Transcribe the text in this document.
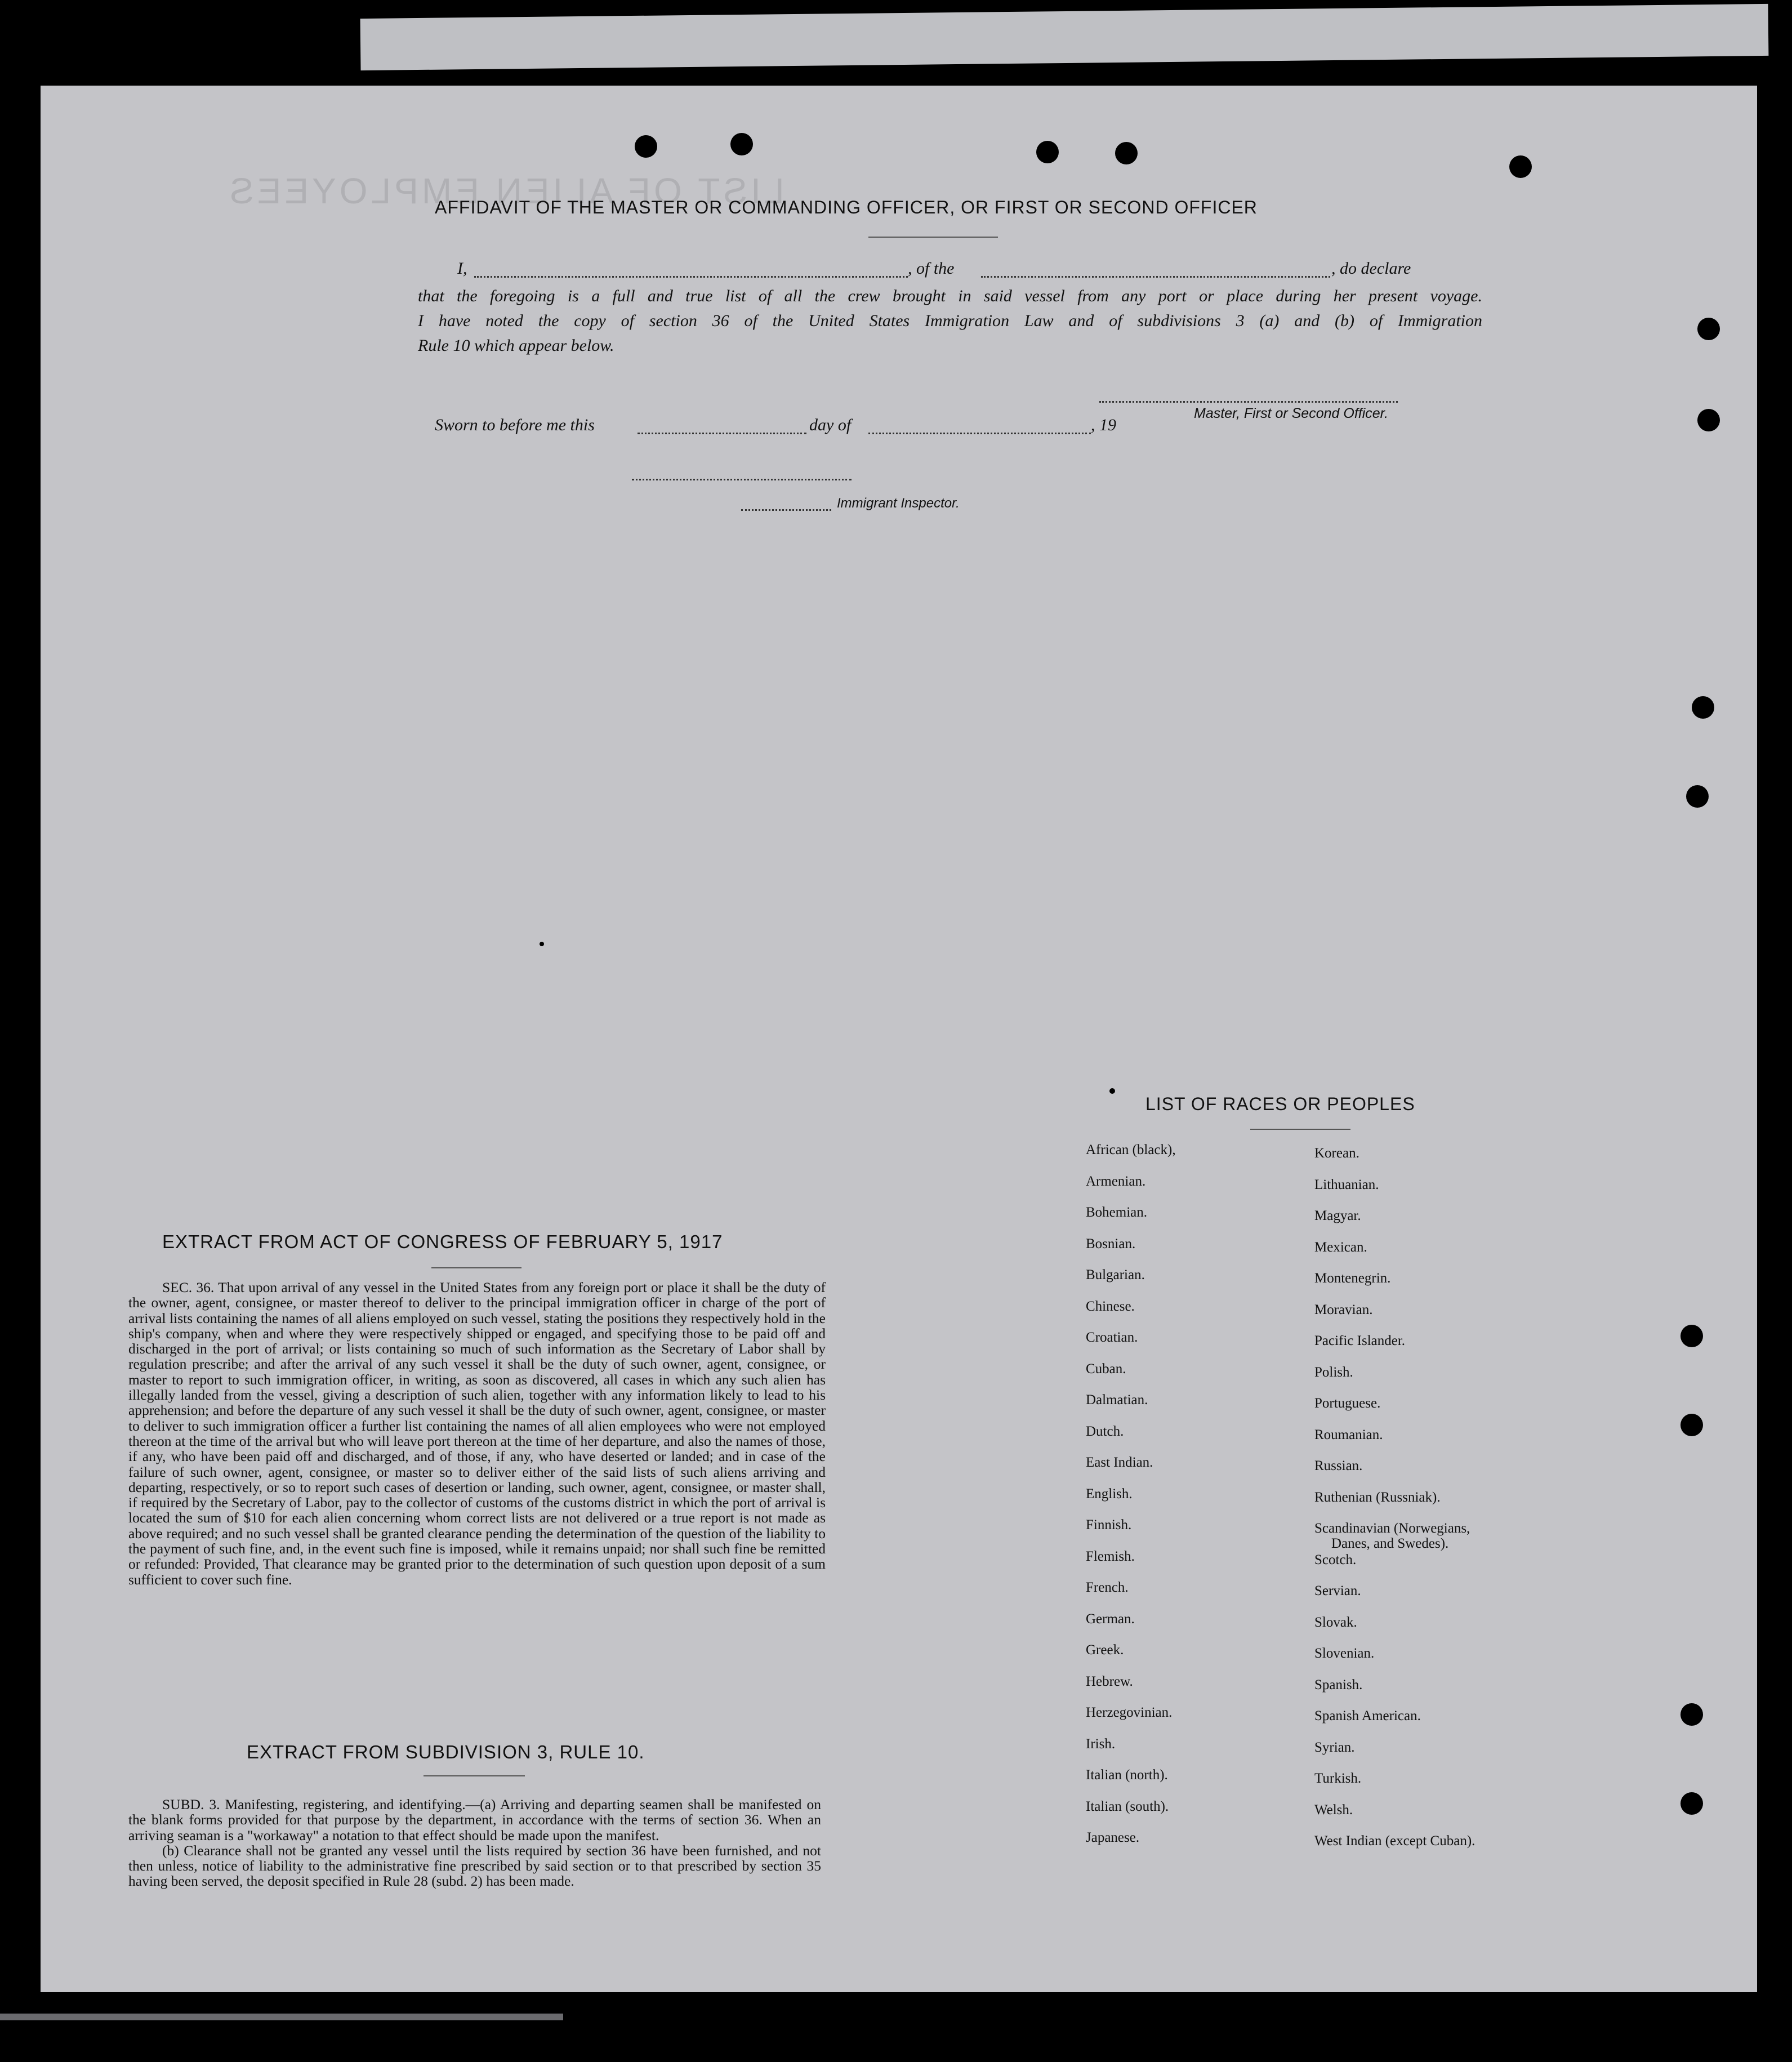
LIST OF ALIEN EMPLOYEES
AFFIDAVIT OF THE MASTER OR COMMANDING OFFICER, OR FIRST OR SECOND OFFICER
I,	, of the	, do declare
that the foregoing is a full and true list of all the crew brought in said vessel from any port or place during her present voyage.
I have noted the copy of section 36 of the United States Immigration Law and of subdivisions 3 (a) and (b) of Immigration
Rule 10 which appear below.
Master, First or Second Officer.
Sworn to before me this	day of	, 19
Immigrant Inspector.
LIST OF RACES OR PEOPLES
African (black),
Armenian.
Bohemian.
Bosnian.
Bulgarian.
Chinese.
Croatian.
Cuban.
Dalmatian.
Dutch.
East Indian.
English.
Finnish.
Flemish.
French.
German.
Greek.
Hebrew.
Herzegovinian.
Irish.
Italian (north).
Italian (south).
Japanese.
Korean.
Lithuanian.
Magyar.
Mexican.
Montenegrin.
Moravian.
Pacific Islander.
Polish.
Portuguese.
Roumanian.
Russian.
Ruthenian (Russniak).
Scandinavian (Norwegians,
Danes, and Swedes).
Scotch.
Servian.
Slovak.
Slovenian.
Spanish.
Spanish American.
Syrian.
Turkish.
Welsh.
West Indian (except Cuban).
EXTRACT FROM ACT OF CONGRESS OF FEBRUARY 5, 1917

SEC. 36. That upon arrival of any vessel in the United States from any foreign port or place it shall be the duty of the owner, agent, consignee, or master thereof to deliver to the principal immigration officer in charge of the port of arrival lists containing the names of all aliens employed on such vessel, stating the positions they respectively hold in the ship's company, when and where they were respectively shipped or engaged, and specifying those to be paid off and discharged in the port of arrival; or lists containing so much of such information as the Secretary of Labor shall by regulation prescribe; and after the arrival of any such vessel it shall be the duty of such owner, agent, consignee, or master to report to such immigration officer, in writing, as soon as discovered, all cases in which any such alien has illegally landed from the vessel, giving a description of such alien, together with any information likely to lead to his apprehension; and before the departure of any such vessel it shall be the duty of such owner, agent, consignee, or master to deliver to such immigration officer a further list containing the names of all alien employees who were not employed thereon at the time of the arrival but who will leave port thereon at the time of her departure, and also the names of those, if any, who have been paid off and discharged, and of those, if any, who have deserted or landed; and in case of the failure of such owner, agent, consignee, or master so to deliver either of the said lists of such aliens arriving and departing, respectively, or so to report such cases of desertion or landing, such owner, agent, consignee, or master shall, if required by the Secretary of Labor, pay to the collector of customs of the customs district in which the port of arrival is located the sum of $10 for each alien concerning whom correct lists are not delivered or a true report is not made as above required; and no such vessel shall be granted clearance pending the determination of the question of the liability to the payment of such fine, and, in the event such fine is imposed, while it remains unpaid; nor shall such fine be remitted or refunded: Provided, That clearance may be granted prior to the determination of such question upon deposit of a sum sufficient to cover such fine.

EXTRACT FROM SUBDIVISION 3, RULE 10.

SUBD. 3. Manifesting, registering, and identifying.—(a) Arriving and departing seamen shall be manifested on the blank forms provided for that purpose by the department, in accordance with the terms of section 36. When an arriving seaman is a "workaway" a notation to that effect should be made upon the manifest.

(b) Clearance shall not be granted any vessel until the lists required by section 36 have been furnished, and not then unless, notice of liability to the administrative fine prescribed by said section or to that prescribed by section 35 having been served, the deposit specified in Rule 28 (subd. 2) has been made.
